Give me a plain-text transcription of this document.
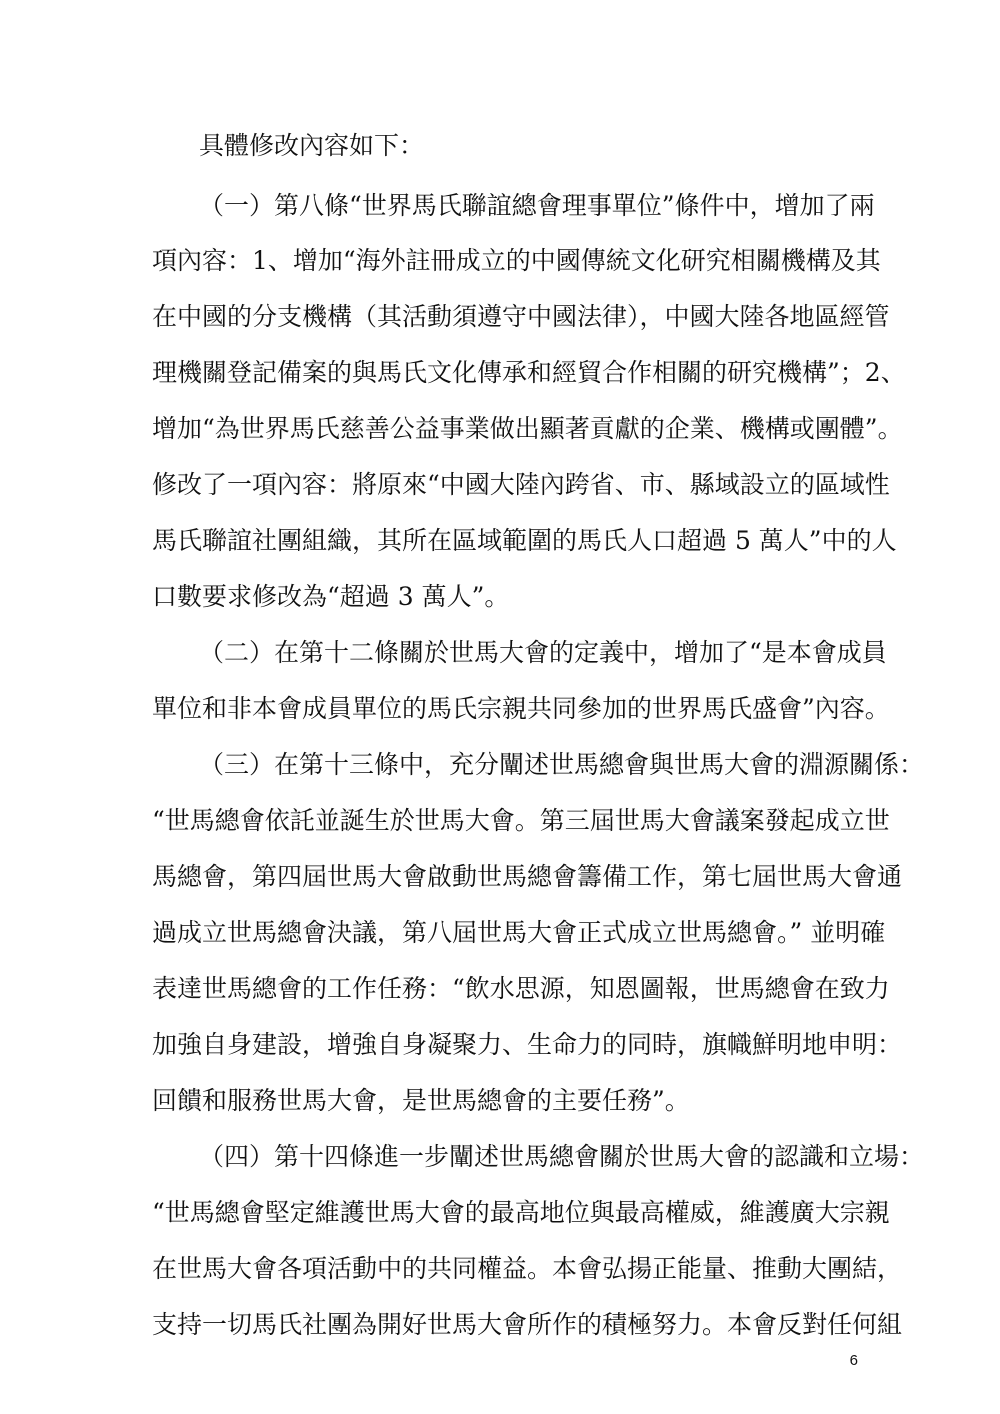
具體修改內容如下：
（一）第八條“世界馬氏聯誼總會理事單位”條件中，增加了兩
項內容：1、增加“海外註冊成立的中國傳統文化研究相關機構及其
在中國的分支機構（其活動須遵守中國法律），中國大陸各地區經管
理機關登記備案的與馬氏文化傳承和經貿合作相關的研究機構”；2、
增加“為世界馬氏慈善公益事業做出顯著貢獻的企業、機構或團體”。
修改了一項內容：將原來“中國大陸內跨省、市、縣域設立的區域性
馬氏聯誼社團組織，其所在區域範圍的馬氏人口超過 5 萬人”中的人
口數要求修改為“超過 3 萬人”。
（二）在第十二條關於世馬大會的定義中，增加了“是本會成員
單位和非本會成員單位的馬氏宗親共同參加的世界馬氏盛會”內容。
（三）在第十三條中，充分闡述世馬總會與世馬大會的淵源關係：
“世馬總會依託並誕生於世馬大會。第三屆世馬大會議案發起成立世
馬總會，第四屆世馬大會啟動世馬總會籌備工作，第七屆世馬大會通
過成立世馬總會決議，第八屆世馬大會正式成立世馬總會。” 並明確
表達世馬總會的工作任務：“飲水思源，知恩圖報，世馬總會在致力
加強自身建設，增強自身凝聚力、生命力的同時，旗幟鮮明地申明：
回饋和服務世馬大會，是世馬總會的主要任務”。
（四）第十四條進一步闡述世馬總會關於世馬大會的認識和立場：
“世馬總會堅定維護世馬大會的最高地位與最高權威，維護廣大宗親
在世馬大會各項活動中的共同權益。本會弘揚正能量、推動大團結，
支持一切馬氏社團為開好世馬大會所作的積極努力。本會反對任何組
6
